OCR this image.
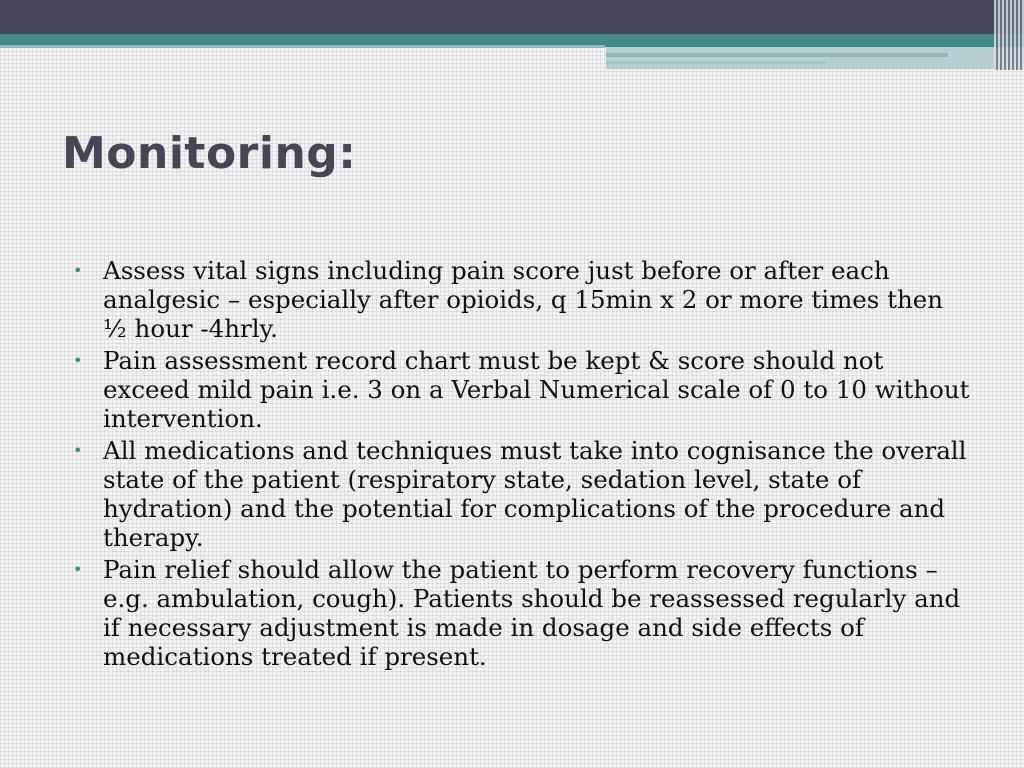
Monitoring:
• Assess vital signs including pain score just before or after each analgesic – especially after opioids, q 15min x 2 or more times then ½ hour -4hrly.
• Pain assessment record chart must be kept & score should not exceed mild pain i.e. 3 on a Verbal Numerical scale of 0 to 10 without intervention.
• All medications and techniques must take into cognisance the overall state of the patient (respiratory state, sedation level, state of hydration) and the potential for complications of the procedure and therapy.
• Pain relief should allow the patient to perform recovery functions – e.g. ambulation, cough). Patients should be reassessed regularly and if necessary adjustment is made in dosage and side effects of medications treated if present.
